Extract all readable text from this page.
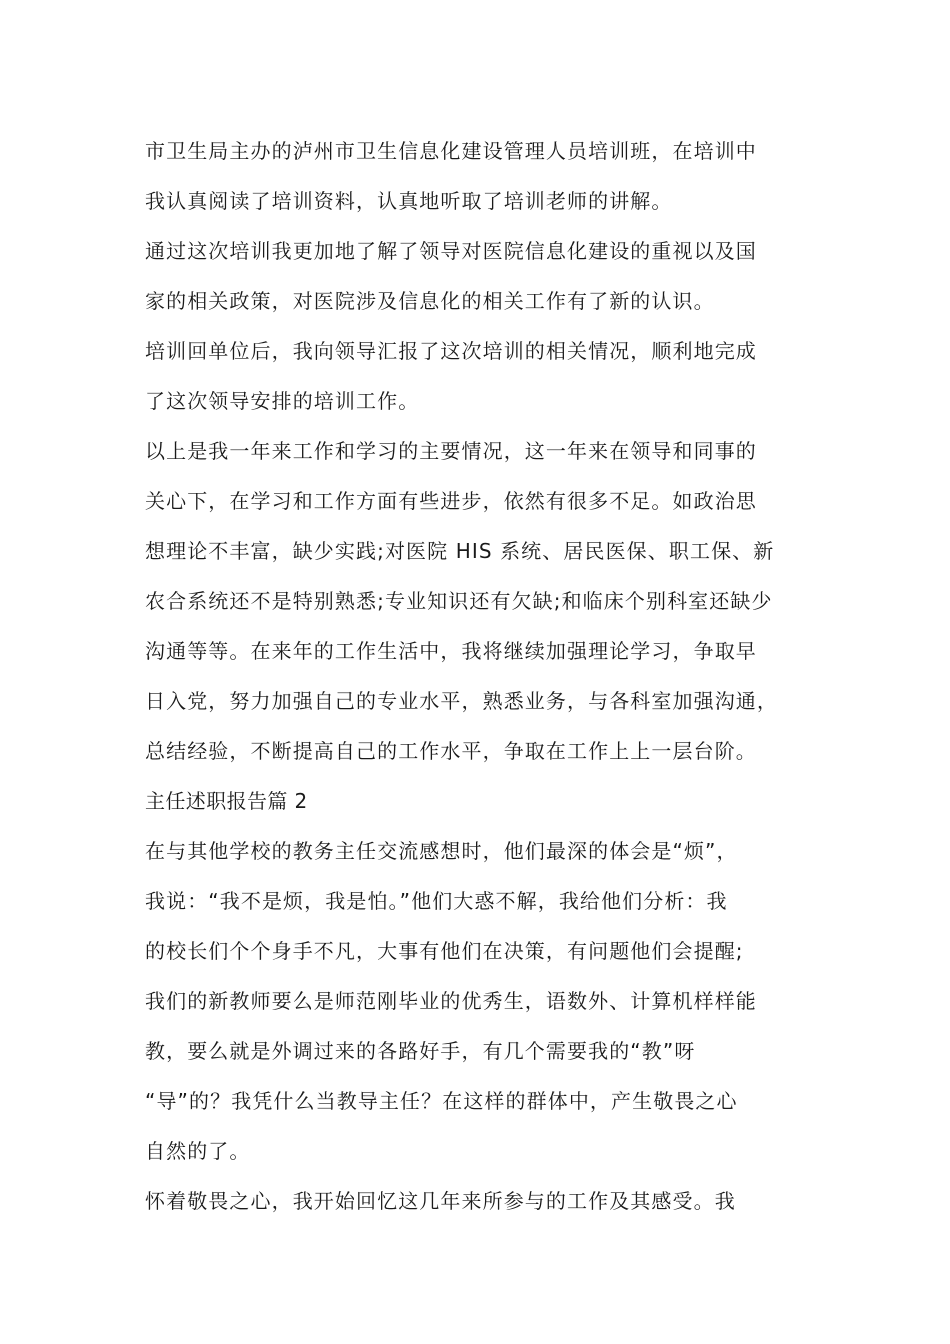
市卫生局主办的泸州市卫生信息化建设管理人员培训班，在培训中
我认真阅读了培训资料，认真地听取了培训老师的讲解。
通过这次培训我更加地了解了领导对医院信息化建设的重视以及国
家的相关政策，对医院涉及信息化的相关工作有了新的认识。
培训回单位后，我向领导汇报了这次培训的相关情况，顺利地完成
了这次领导安排的培训工作。
以上是我一年来工作和学习的主要情况，这一年来在领导和同事的
关心下，在学习和工作方面有些进步，依然有很多不足。如政治思
想理论不丰富，缺少实践;对医院 HIS 系统、居民医保、职工保、新
农合系统还不是特别熟悉;专业知识还有欠缺;和临床个别科室还缺少
沟通等等。在来年的工作生活中，我将继续加强理论学习，争取早
日入党，努力加强自己的专业水平，熟悉业务，与各科室加强沟通，
总结经验，不断提高自己的工作水平，争取在工作上上一层台阶。
主任述职报告篇 2
在与其他学校的教务主任交流感想时，他们最深的体会是“烦”，
我说：“我不是烦，我是怕。”他们大惑不解，我给他们分析：我
的校长们个个身手不凡，大事有他们在决策，有问题他们会提醒;
我们的新教师要么是师范刚毕业的优秀生，语数外、计算机样样能
教，要么就是外调过来的各路好手，有几个需要我的“教”呀
“导”的？我凭什么当教导主任？在这样的群体中，产生敬畏之心
自然的了。
怀着敬畏之心，我开始回忆这几年来所参与的工作及其感受。我
